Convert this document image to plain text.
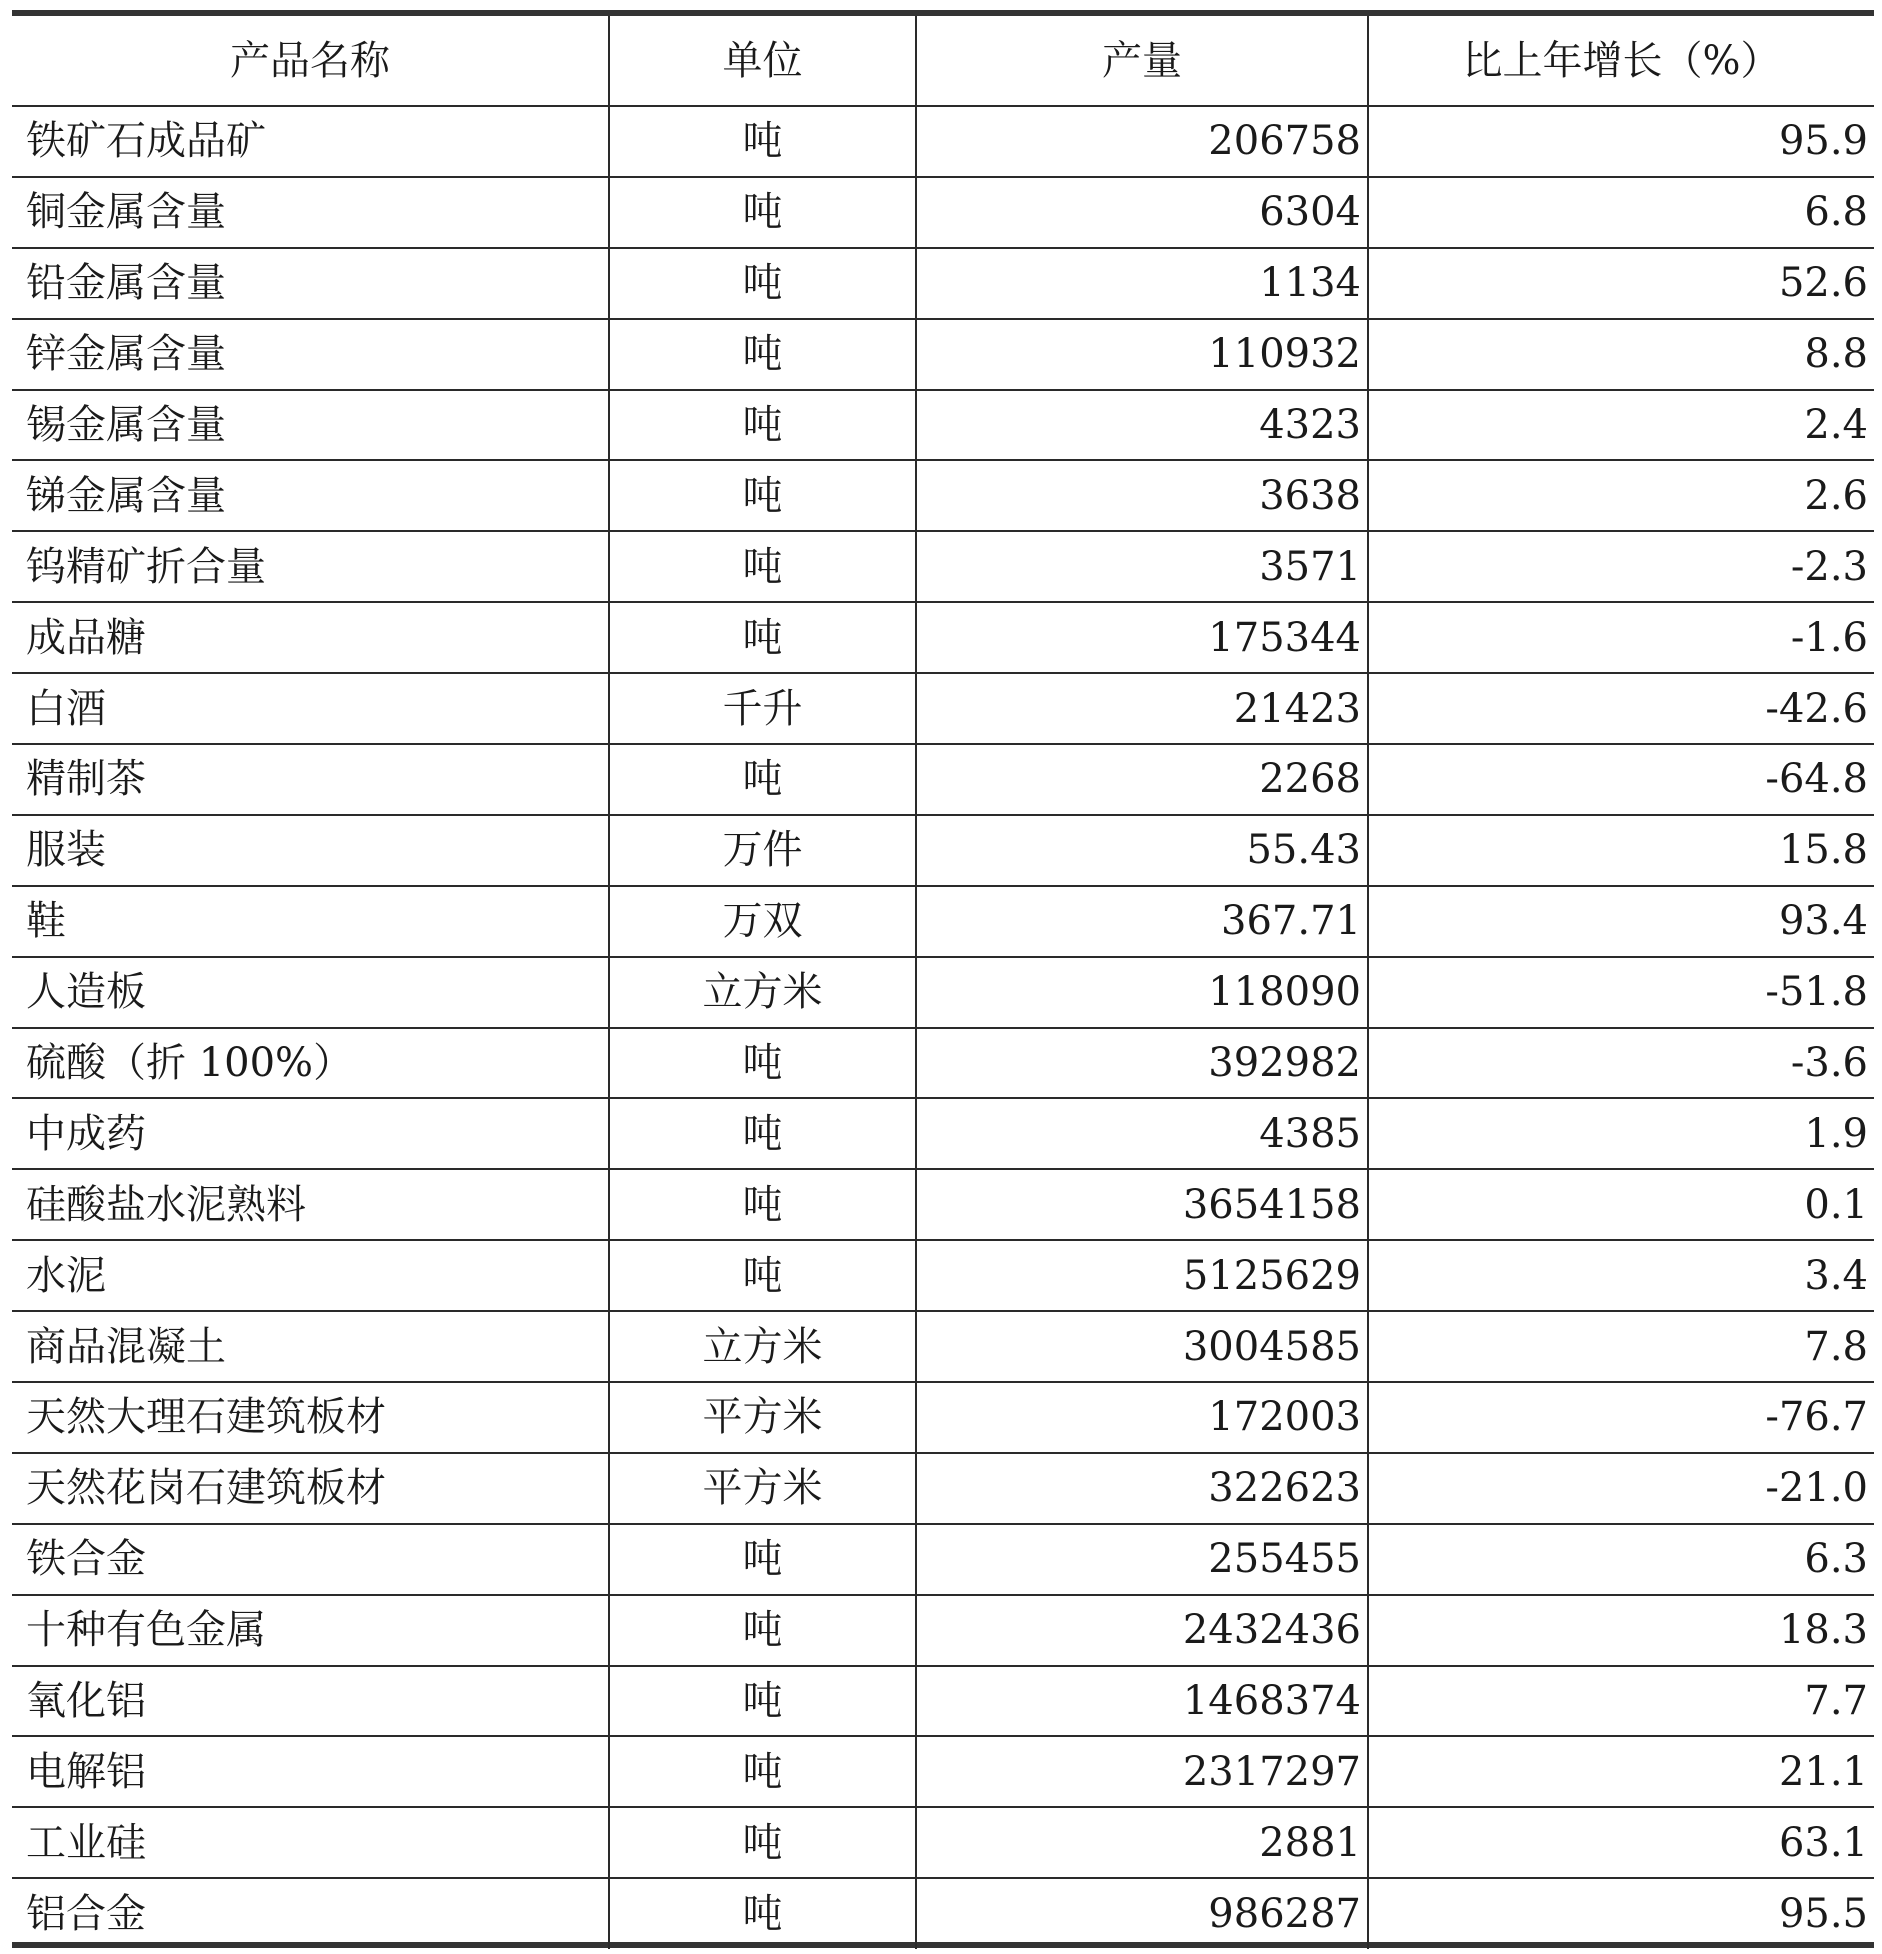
产品名称	单位	产量	比上年增长（%）
铁矿石成品矿	吨	206758	95.9
铜金属含量	吨	6304	6.8
铅金属含量	吨	1134	52.6
锌金属含量	吨	110932	8.8
锡金属含量	吨	4323	2.4
锑金属含量	吨	3638	2.6
钨精矿折合量	吨	3571	-2.3
成品糖	吨	175344	-1.6
白酒	千升	21423	-42.6
精制茶	吨	2268	-64.8
服装	万件	55.43	15.8
鞋	万双	367.71	93.4
人造板	立方米	118090	-51.8
硫酸（折 100%）	吨	392982	-3.6
中成药	吨	4385	1.9
硅酸盐水泥熟料	吨	3654158	0.1
水泥	吨	5125629	3.4
商品混凝土	立方米	3004585	7.8
天然大理石建筑板材	平方米	172003	-76.7
天然花岗石建筑板材	平方米	322623	-21.0
铁合金	吨	255455	6.3
十种有色金属	吨	2432436	18.3
氧化铝	吨	1468374	7.7
电解铝	吨	2317297	21.1
工业硅	吨	2881	63.1
铝合金	吨	986287	95.5
